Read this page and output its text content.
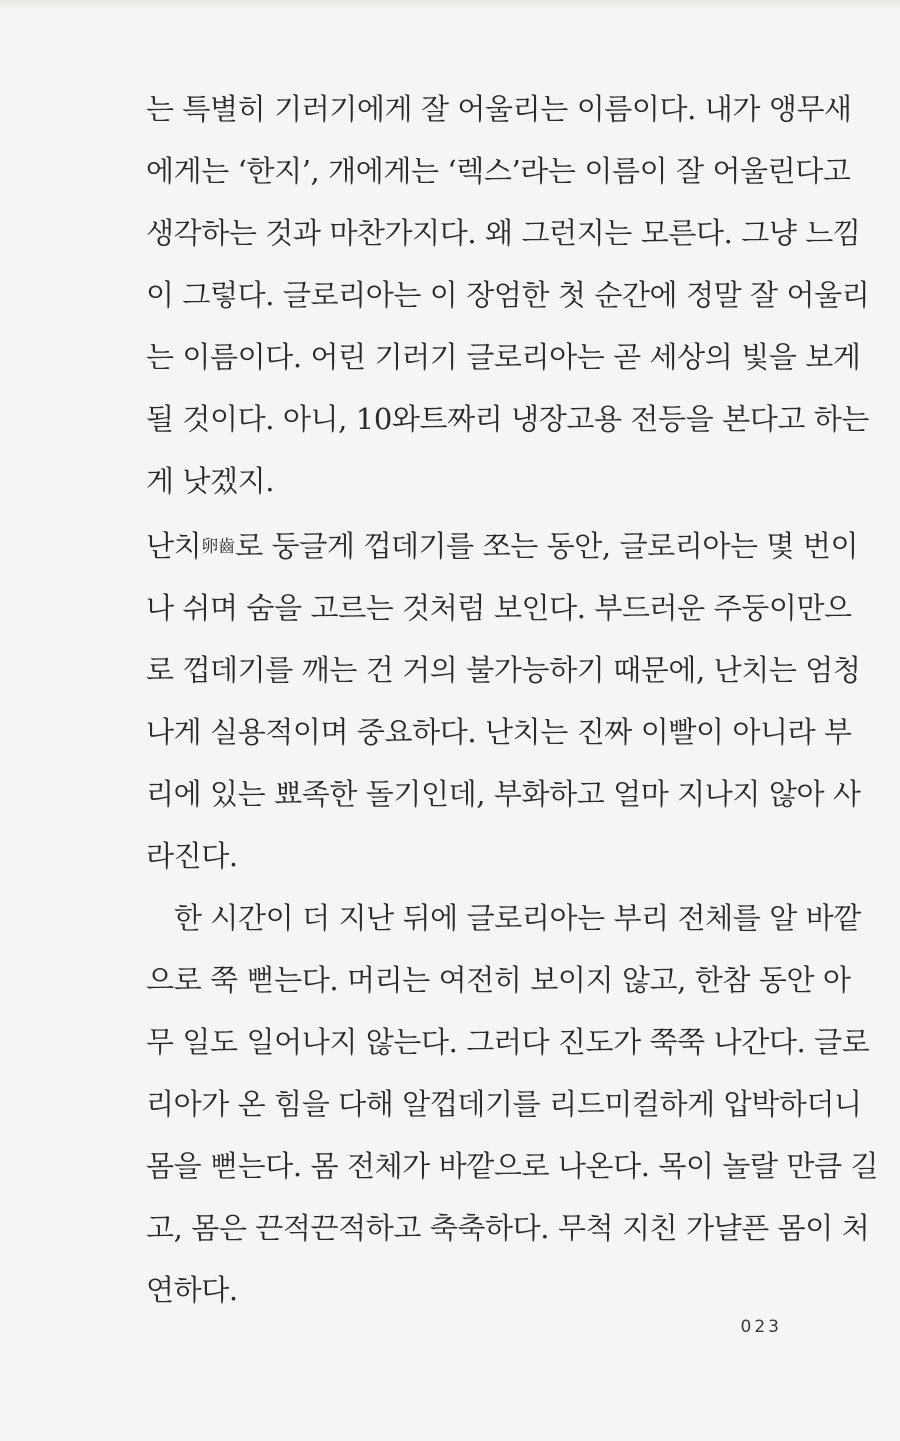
는 특별히 기러기에게 잘 어울리는 이름이다. 내가 앵무새
에게는 ‘한지’, 개에게는 ‘렉스’라는 이름이 잘 어울린다고
생각하는 것과 마찬가지다. 왜 그런지는 모른다. 그냥 느낌
이 그렇다. 글로리아는 이 장엄한 첫 순간에 정말 잘 어울리
는 이름이다. 어린 기러기 글로리아는 곧 세상의 빛을 보게
될 것이다. 아니, 10와트짜리 냉장고용 전등을 본다고 하는
게 낫겠지.
난치卵齒로 둥글게 껍데기를 쪼는 동안, 글로리아는 몇 번이
나 쉬며 숨을 고르는 것처럼 보인다. 부드러운 주둥이만으
로 껍데기를 깨는 건 거의 불가능하기 때문에, 난치는 엄청
나게 실용적이며 중요하다. 난치는 진짜 이빨이 아니라 부
리에 있는 뾰족한 돌기인데, 부화하고 얼마 지나지 않아 사
라진다.
한 시간이 더 지난 뒤에 글로리아는 부리 전체를 알 바깥
으로 쭉 뻗는다. 머리는 여전히 보이지 않고, 한참 동안 아
무 일도 일어나지 않는다. 그러다 진도가 쭉쭉 나간다. 글로
리아가 온 힘을 다해 알껍데기를 리드미컬하게 압박하더니
몸을 뻗는다. 몸 전체가 바깥으로 나온다. 목이 놀랄 만큼 길
고, 몸은 끈적끈적하고 축축하다. 무척 지친 가냘픈 몸이 처
연하다.
023
